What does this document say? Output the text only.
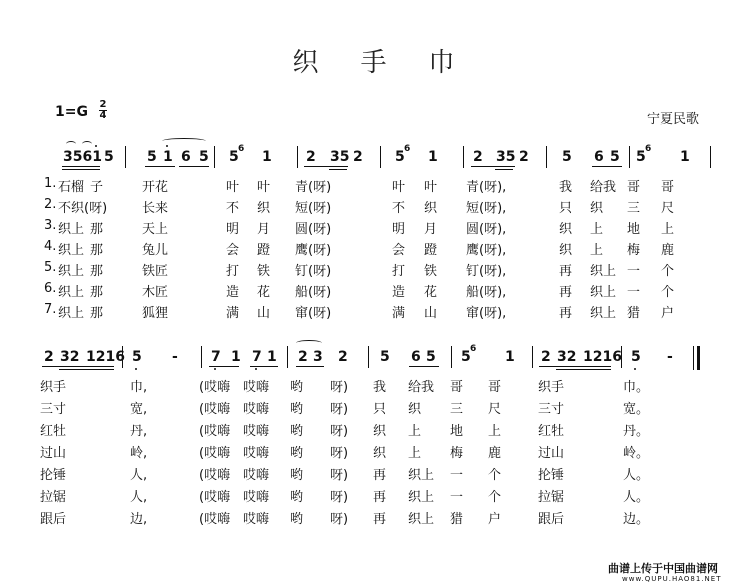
织手巾
1=G 2
4	宁夏民歌
3561 5 5 1 6 5 5 1 2 35 2 5 1	2 35 2 5 6 5 5 1
6	6	6
1. 石榴 子	开花	叶 叶 青(呀)	叶 叶 青(呀),	我 给我 哥 哥
2. 不织(呀)	长来	不 织 短(呀)	不 织 短(呀),	只 织 三 尺
3. 织上 那	天上	明 月 圆(呀)	明 月 圆(呀),	织 上 地 上
4. 织上 那	兔儿	会 蹬 鹰(呀)	会 蹬 鹰(呀),	织 上 梅 鹿
5. 织上 那	铁匠	打 铁 钉(呀)	打 铁 钉(呀),	再 织上 一 个
6. 织上 那	木匠	造 花 船(呀)	造 花 船(呀),	再 织上 一 个
7. 织上 那	狐狸	满 山 窜(呀)	满 山 窜(呀),	再 织上 猎 户
2 32 1216 5 - 7 1 7 1 2 3 2 5 6 5 5 1 2 32 1216 5 -
6
织手	巾,	(哎嗨 哎嗨 哟 呀) 我 给我 哥 哥	织手	巾。
三寸	宽,	(哎嗨 哎嗨 哟 呀) 只 织 三 尺	三寸	宽。
红牡	丹,	(哎嗨 哎嗨 哟 呀) 织 上 地 上	红牡	丹。
过山	岭,	(哎嗨 哎嗨 哟 呀) 织 上 梅 鹿	过山	岭。
抡锤	人,	(哎嗨 哎嗨 哟 呀) 再 织上 一 个	抡锤	人。
拉锯	人,	(哎嗨 哎嗨 哟 呀) 再 织上 一 个	拉锯	人。
跟后	边,	(哎嗨 哎嗨 哟 呀) 再 织上 猎 户	跟后	边。
曲谱上传于中国曲谱网
www.QUPU.HAO81.NET
